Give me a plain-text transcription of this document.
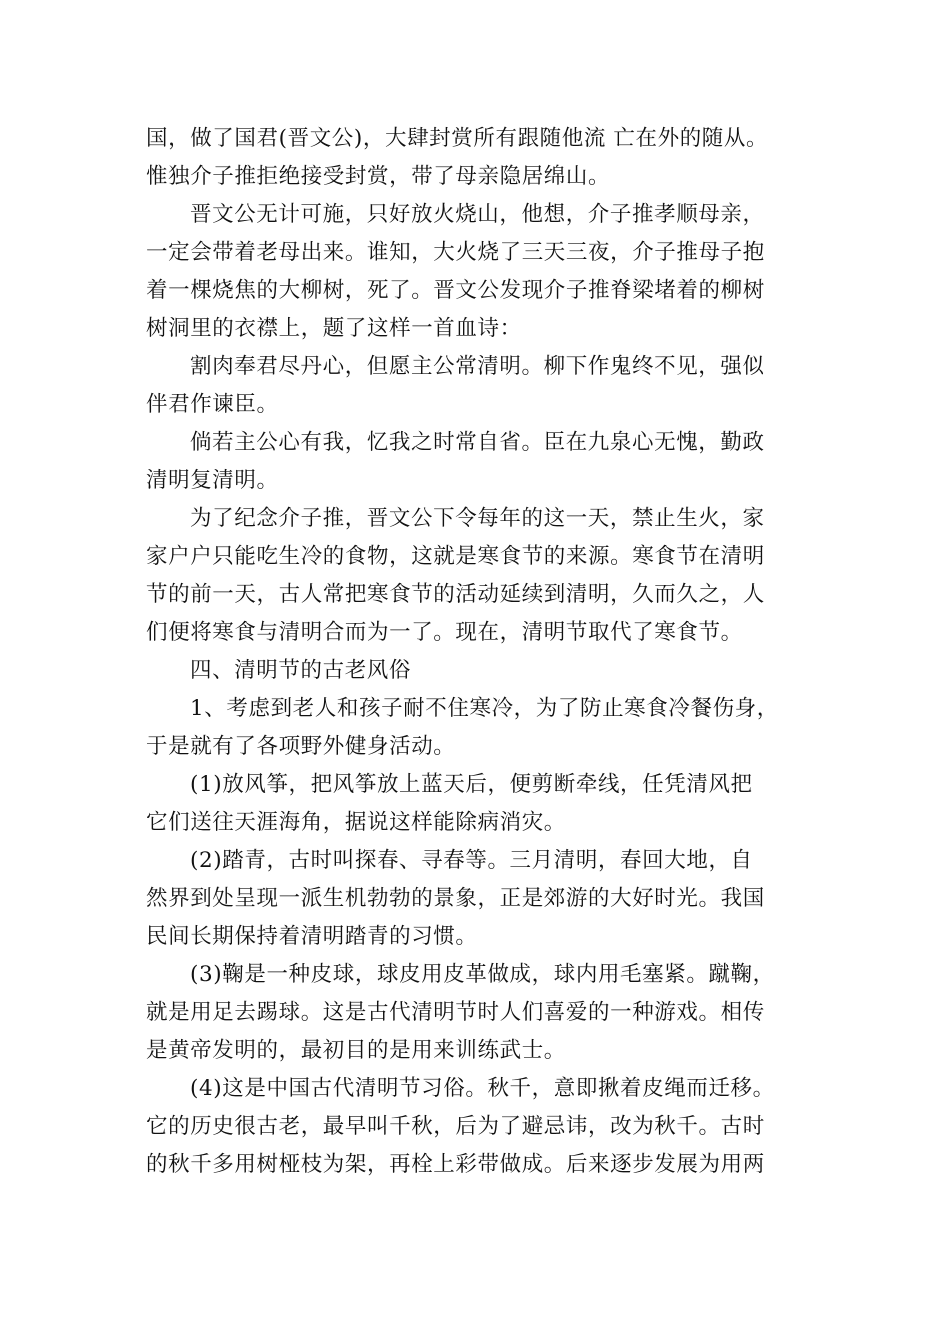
国，做了国君(晋文公)，大肆封赏所有跟随他流 亡在外的随从。
惟独介子推拒绝接受封赏，带了母亲隐居绵山。
晋文公无计可施，只好放火烧山，他想，介子推孝顺母亲，
一定会带着老母出来。谁知，大火烧了三天三夜，介子推母子抱
着一棵烧焦的大柳树，死了。晋文公发现介子推脊梁堵着的柳树
树洞里的衣襟上，题了这样一首血诗：
割肉奉君尽丹心，但愿主公常清明。柳下作鬼终不见，强似
伴君作谏臣。
倘若主公心有我，忆我之时常自省。臣在九泉心无愧，勤政
清明复清明。
为了纪念介子推，晋文公下令每年的这一天，禁止生火，家
家户户只能吃生冷的食物，这就是寒食节的来源。寒食节在清明
节的前一天，古人常把寒食节的活动延续到清明，久而久之，人
们便将寒食与清明合而为一了。现在，清明节取代了寒食节。
四、清明节的古老风俗
1、考虑到老人和孩子耐不住寒冷，为了防止寒食冷餐伤身，
于是就有了各项野外健身活动。
(1)放风筝，把风筝放上蓝天后，便剪断牵线，任凭清风把
它们送往天涯海角，据说这样能除病消灾。
(2)踏青，古时叫探春、寻春等。三月清明，春回大地，自
然界到处呈现一派生机勃勃的景象，正是郊游的大好时光。我国
民间长期保持着清明踏青的习惯。
(3)鞠是一种皮球，球皮用皮革做成，球内用毛塞紧。蹴鞠，
就是用足去踢球。这是古代清明节时人们喜爱的一种游戏。相传
是黄帝发明的，最初目的是用来训练武士。
(4)这是中国古代清明节习俗。秋千，意即揪着皮绳而迁移。
它的历史很古老，最早叫千秋，后为了避忌讳，改为秋千。古时
的秋千多用树桠枝为架，再栓上彩带做成。后来逐步发展为用两
